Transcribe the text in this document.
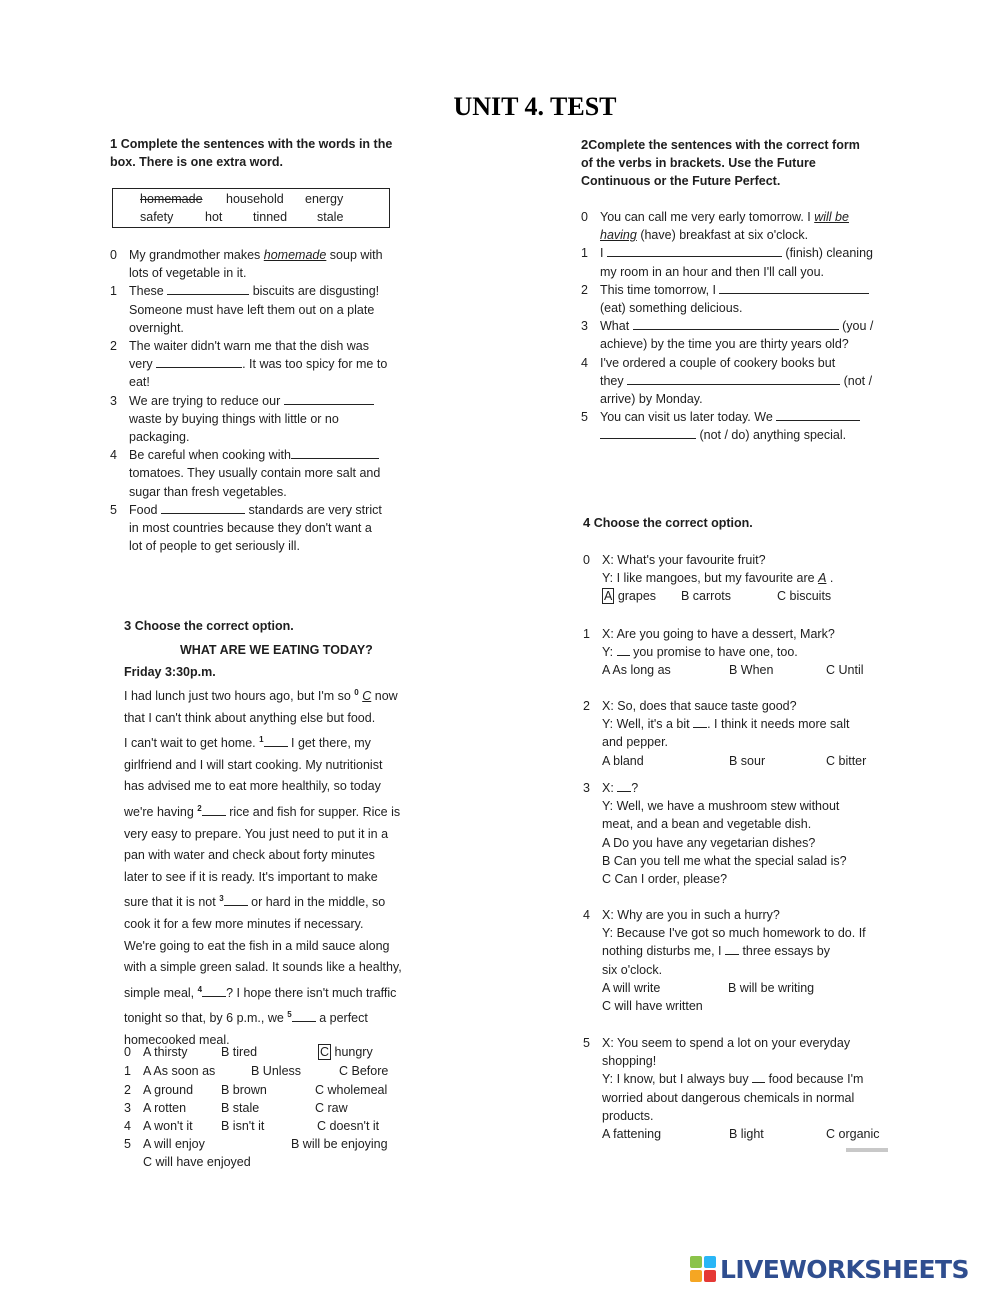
UNIT 4. TEST
1 Complete the sentences with the words in the
box. There is one extra word.
homemade household energy
safety	hot tinned stale
0 My grandmother makes homemade soup with
lots of vegetable in it.
1 These	biscuits are disgusting!
Someone must have left them out on a plate
overnight.
2 The waiter didn't warn me that the dish was
very	. It was too spicy for me to
eat!
3 We are trying to reduce our
waste by buying things with little or no
packaging.
4 Be careful when cooking with
tomatoes. They usually contain more salt and
sugar than fresh vegetables.
5 Food	standards are very strict
in most countries because they don't want a
lot of people to get seriously ill.
2Complete the sentences with the correct form
of the verbs in brackets. Use the Future
Continuous or the Future Perfect.
0 You can call me very early tomorrow. I will be
having (have) breakfast at six o'clock.
1 I	(finish) cleaning
my room in an hour and then I'll call you.
2 This time tomorrow, I
(eat) something delicious.
3 What	(you /
achieve) by the time you are thirty years old?
4 I've ordered a couple of cookery books but
they	(not /
arrive) by Monday.
5 You can visit us later today. We
(not / do) anything special.
3 Choose the correct option.
WHAT ARE WE EATING TODAY?
Friday 3:30p.m.
I had lunch just two hours ago, but I'm so $^0$ C now
that I can't think about anything else but food.
I can't wait to get home. $^1$ I get there, my
girlfriend and I will start cooking. My nutritionist
has advised me to eat more healthily, so today
we're having $^2$ rice and fish for supper. Rice is
very easy to prepare. You just need to put it in a
pan with water and check about forty minutes
later to see if it is ready. It's important to make
sure that it is not $^3$ or hard in the middle, so
cook it for a few more minutes if necessary.
We're going to eat the fish in a mild sauce along
with a simple green salad. It sounds like a healthy,
simple meal, $^4$ ? I hope there isn't much traffic
tonight so that, by 6 p.m., we $^5$ a perfect
homecooked meal.
0 A thirsty	B tired	C hungry
1 A As soon as	B Unless	C Before
2 A ground B brown	C wholemeal
3 A rotten	B stale	C raw
4 A won't it B isn't it	C doesn't it
5 A will enjoy	B will be enjoying
C will have enjoyed
4 Choose the correct option.
0 X: What's your favourite fruit?
Y: I like mangoes, but my favourite are A .
A grapes B carrots	C biscuits
1 X: Are you going to have a dessert, Mark?
Y:  you promise to have one, too.
A As long as	B When	C Until
2 X: So, does that sauce taste good?
Y: Well, it's a bit . I think it needs more salt
and pepper.
A bland	B sour	C bitter
3 X: ?
Y: Well, we have a mushroom stew without
meat, and a bean and vegetable dish.
A Do you have any vegetarian dishes?
B Can you tell me what the special salad is?
C Can I order, please?
4 X: Why are you in such a hurry?
Y: Because I've got so much homework to do. If
nothing disturbs me, I  three essays by
six o'clock.
A will write	B will be writing
C will have written
5 X: You seem to spend a lot on your everyday
shopping!
Y: I know, but I always buy  food because I'm
worried about dangerous chemicals in normal
products.
A fattening	B light	C organic
LIVEWORKSHEETS
